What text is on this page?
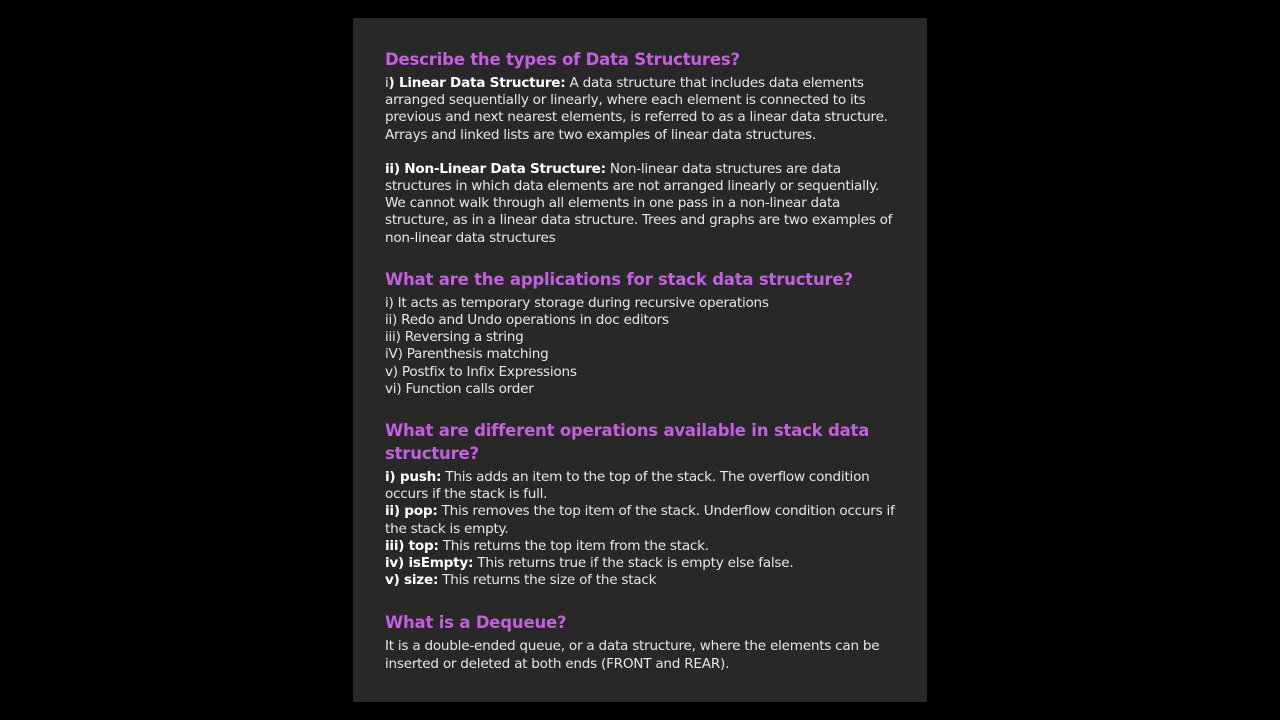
Describe the types of Data Structures?

i) Linear Data Structure: A data structure that includes data elements arranged sequentially or linearly, where each element is connected to its previous and next nearest elements, is referred to as a linear data structure. Arrays and linked lists are two examples of linear data structures.

ii) Non-Linear Data Structure: Non-linear data structures are data structures in which data elements are not arranged linearly or sequentially. We cannot walk through all elements in one pass in a non-linear data structure, as in a linear data structure. Trees and graphs are two examples of non-linear data structures

What are the applications for stack data structure?
i) It acts as temporary storage during recursive operations
ii) Redo and Undo operations in doc editors
iii) Reversing a string
iV) Parenthesis matching
v) Postfix to Infix Expressions
vi) Function calls order
What are different operations available in stack data structure?
i) push: This adds an item to the top of the stack. The overflow condition occurs if the stack is full.
ii) pop: This removes the top item of the stack. Underflow condition occurs if the stack is empty.
iii) top: This returns the top item from the stack.
iv) isEmpty: This returns true if the stack is empty else false.
v) size: This returns the size of the stack
What is a Dequeue?

It is a double-ended queue, or a data structure, where the elements can be inserted or deleted at both ends (FRONT and REAR).
